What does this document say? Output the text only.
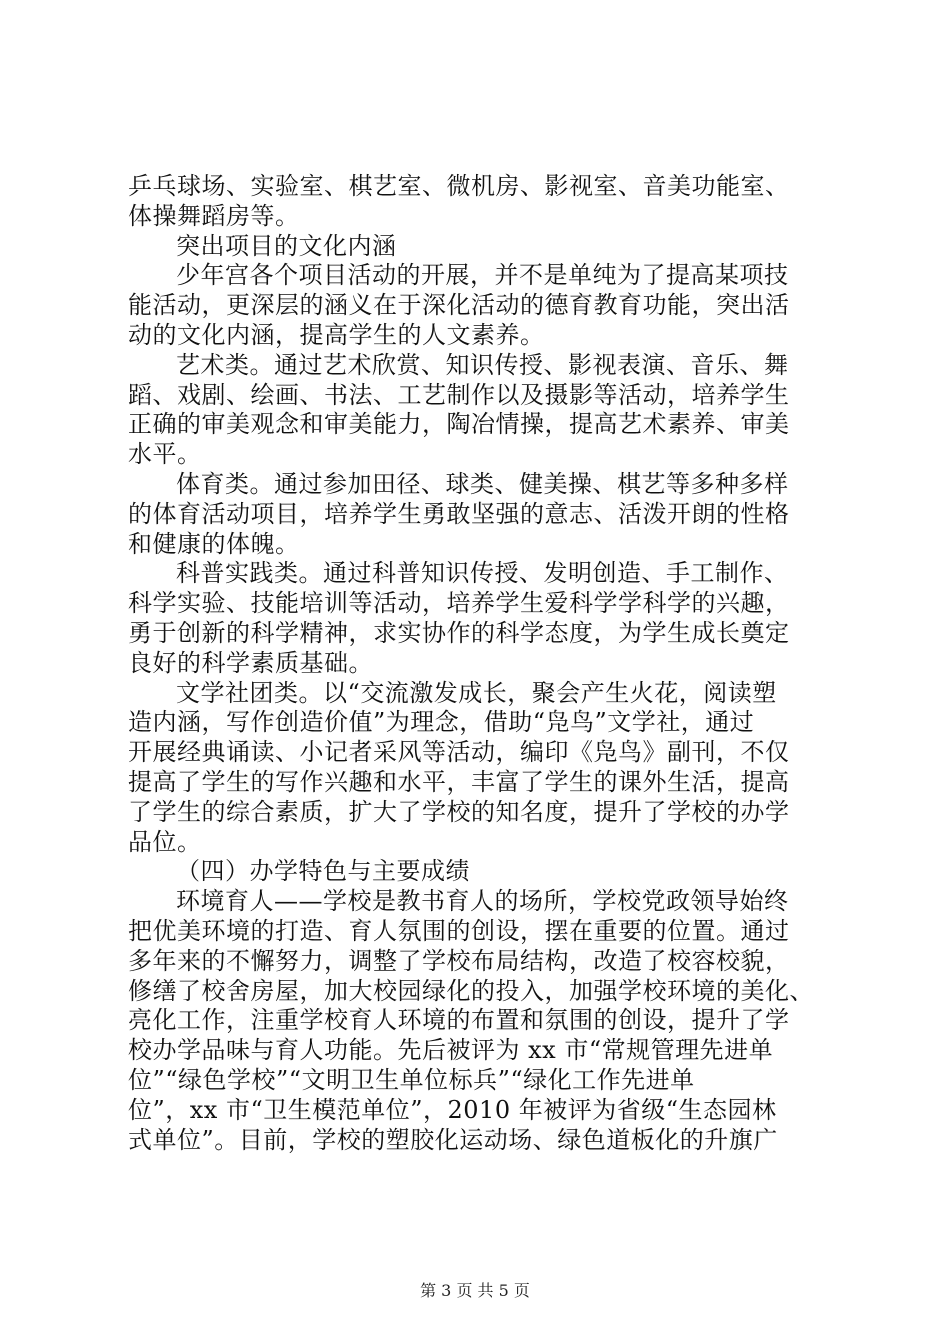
乒乓球场、实验室、棋艺室、微机房、影视室、音美功能室、
体操舞蹈房等。
突出项目的文化内涵
少年宫各个项目活动的开展，并不是单纯为了提高某项技
能活动，更深层的涵义在于深化活动的德育教育功能，突出活
动的文化内涵，提高学生的人文素养。
艺术类。通过艺术欣赏、知识传授、影视表演、音乐、舞
蹈、戏剧、绘画、书法、工艺制作以及摄影等活动，培养学生
正确的审美观念和审美能力，陶冶情操，提高艺术素养、审美
水平。
体育类。通过参加田径、球类、健美操、棋艺等多种多样
的体育活动项目，培养学生勇敢坚强的意志、活泼开朗的性格
和健康的体魄。
科普实践类。通过科普知识传授、发明创造、手工制作、
科学实验、技能培训等活动，培养学生爱科学学科学的兴趣，
勇于创新的科学精神，求实协作的科学态度，为学生成长奠定
良好的科学素质基础。
文学社团类。以“交流激发成长，聚会产生火花，阅读塑
造内涵，写作创造价值”为理念，借助“凫鸟”文学社，通过
开展经典诵读、小记者采风等活动，编印《凫鸟》副刊，不仅
提高了学生的写作兴趣和水平，丰富了学生的课外生活，提高
了学生的综合素质，扩大了学校的知名度，提升了学校的办学
品位。
（四）办学特色与主要成绩
环境育人——学校是教书育人的场所，学校党政领导始终
把优美环境的打造、育人氛围的创设，摆在重要的位置。通过
多年来的不懈努力，调整了学校布局结构，改造了校容校貌，
修缮了校舍房屋，加大校园绿化的投入，加强学校环境的美化、
亮化工作，注重学校育人环境的布置和氛围的创设，提升了学
校办学品味与育人功能。先后被评为 xx 市“常规管理先进单
位”“绿色学校”“文明卫生单位标兵”“绿化工作先进单
位”，xx 市“卫生模范单位”，2010 年被评为省级“生态园林
式单位”。目前，学校的塑胶化运动场、绿色道板化的升旗广
第 3 页 共 5 页
